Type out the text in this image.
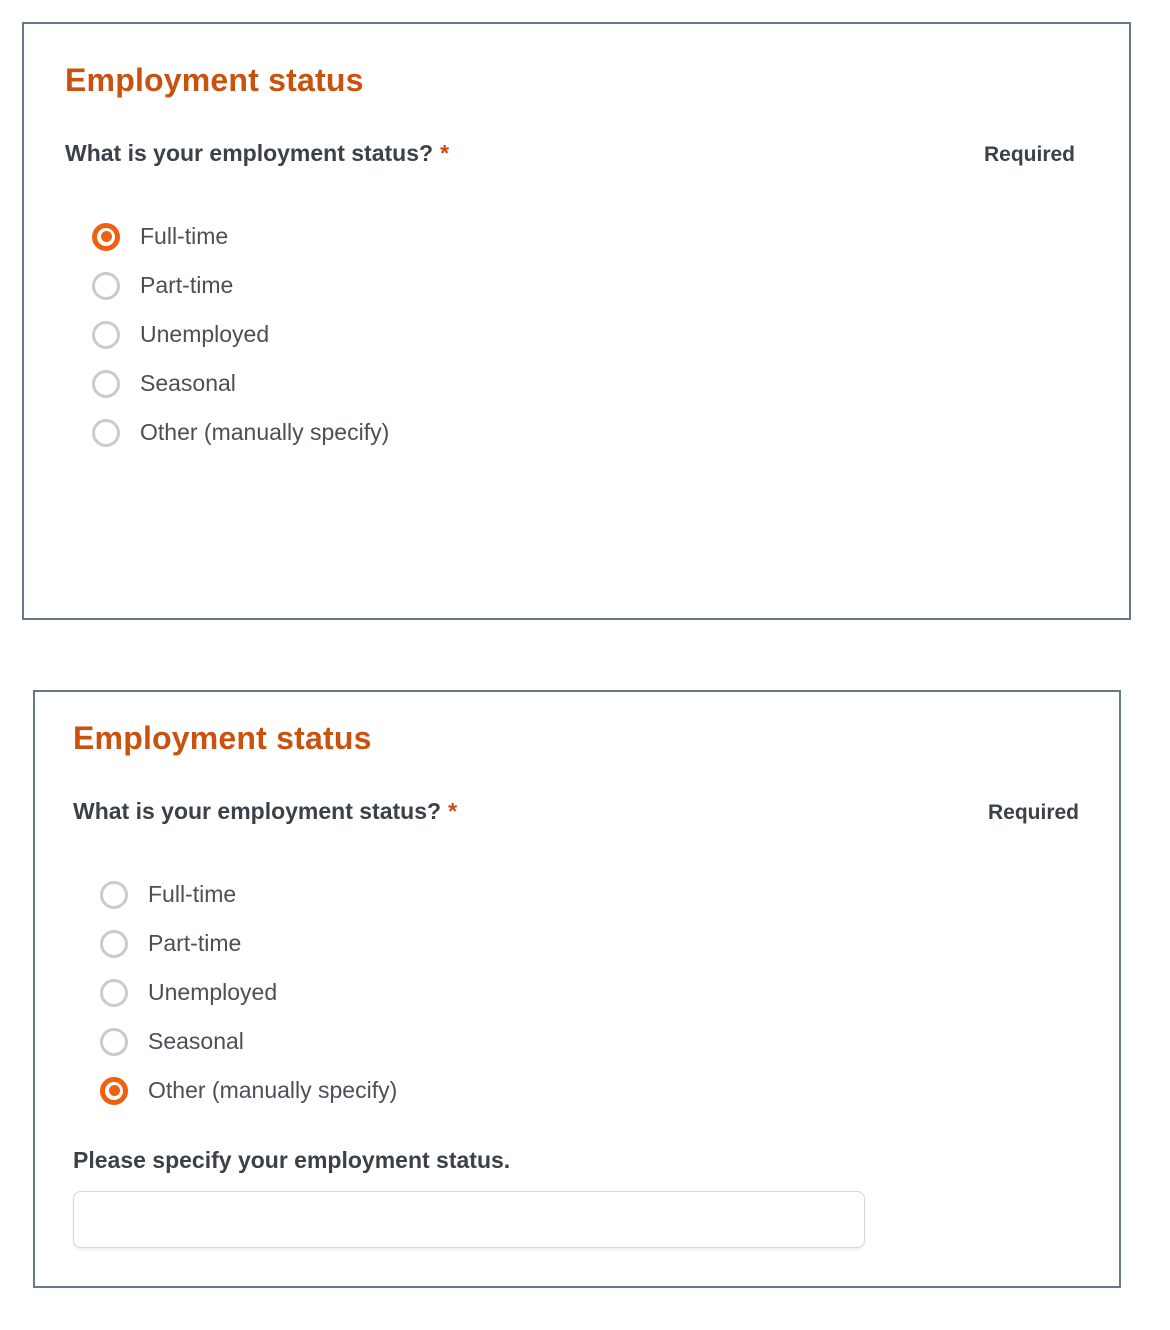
Employment status
What is your employment status? *	Required
Full-time
Part-time
Unemployed
Seasonal
Other (manually specify)
Employment status
What is your employment status? *	Required
Full-time
Part-time
Unemployed
Seasonal
Other (manually specify)
Please specify your employment status.
